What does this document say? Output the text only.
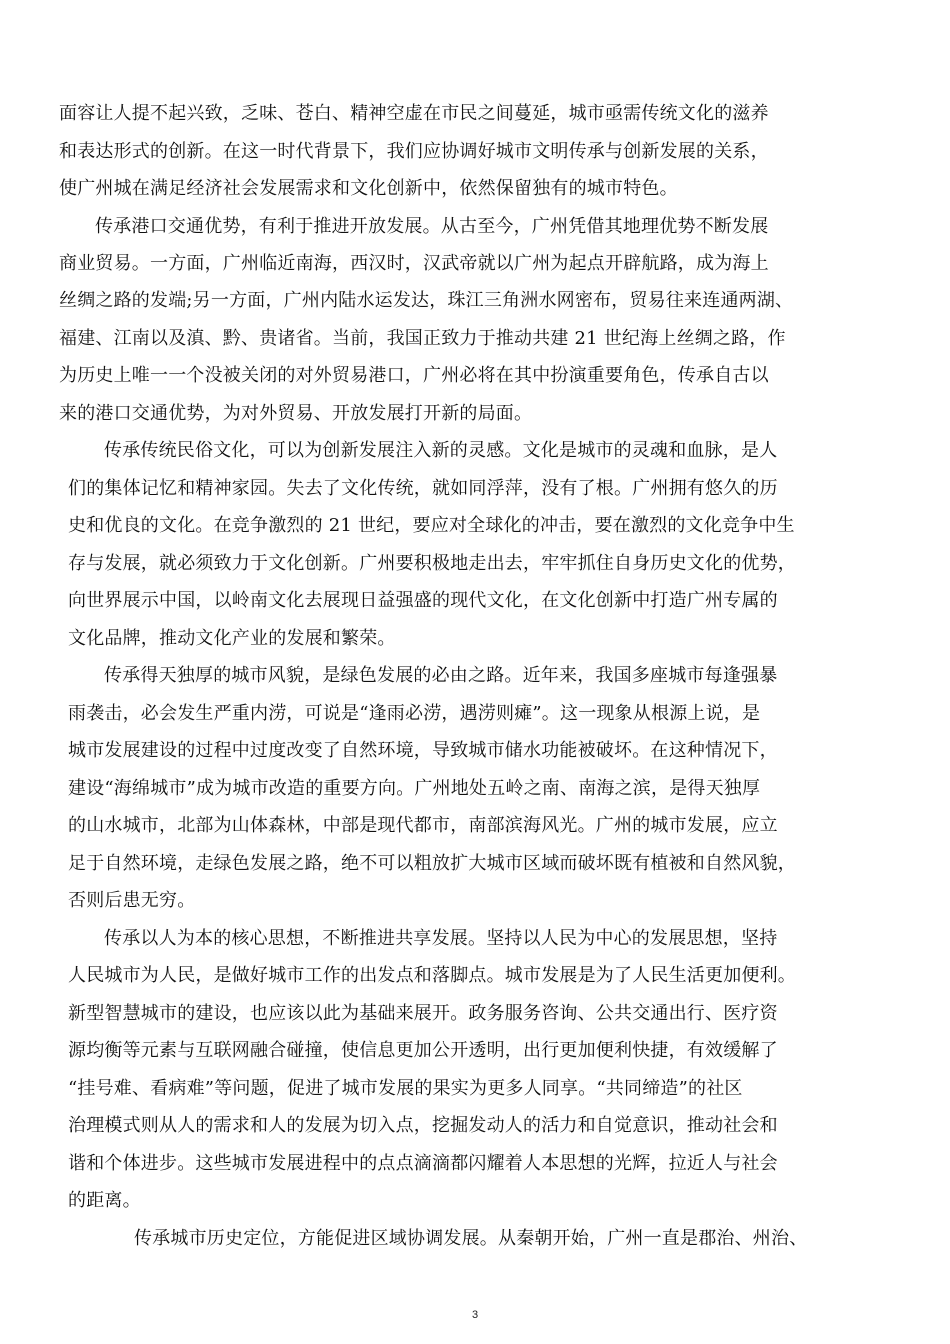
面容让人提不起兴致，乏味、苍白、精神空虚在市民之间蔓延，城市亟需传统文化的滋养
和表达形式的创新。在这一时代背景下，我们应协调好城市文明传承与创新发展的关系，
使广州城在满足经济社会发展需求和文化创新中，依然保留独有的城市特色。
传承港口交通优势，有利于推进开放发展。从古至今，广州凭借其地理优势不断发展
商业贸易。一方面，广州临近南海，西汉时，汉武帝就以广州为起点开辟航路，成为海上
丝绸之路的发端;另一方面，广州内陆水运发达，珠江三角洲水网密布，贸易往来连通两湖、
福建、江南以及滇、黔、贵诸省。当前，我国正致力于推动共建 21 世纪海上丝绸之路，作
为历史上唯一一个没被关闭的对外贸易港口，广州必将在其中扮演重要角色，传承自古以
来的港口交通优势，为对外贸易、开放发展打开新的局面。
传承传统民俗文化，可以为创新发展注入新的灵感。文化是城市的灵魂和血脉，是人
们的集体记忆和精神家园。失去了文化传统，就如同浮萍，没有了根。广州拥有悠久的历
史和优良的文化。在竞争激烈的 21 世纪，要应对全球化的冲击，要在激烈的文化竞争中生
存与发展，就必须致力于文化创新。广州要积极地走出去，牢牢抓住自身历史文化的优势，
向世界展示中国，以岭南文化去展现日益强盛的现代文化，在文化创新中打造广州专属的
文化品牌，推动文化产业的发展和繁荣。
传承得天独厚的城市风貌，是绿色发展的必由之路。近年来，我国多座城市每逢强暴
雨袭击，必会发生严重内涝，可说是“逢雨必涝，遇涝则瘫”。这一现象从根源上说，是
城市发展建设的过程中过度改变了自然环境，导致城市储水功能被破坏。在这种情况下，
建设“海绵城市”成为城市改造的重要方向。广州地处五岭之南、南海之滨，是得天独厚
的山水城市，北部为山体森林，中部是现代都市，南部滨海风光。广州的城市发展，应立
足于自然环境，走绿色发展之路，绝不可以粗放扩大城市区域而破坏既有植被和自然风貌，
否则后患无穷。
传承以人为本的核心思想，不断推进共享发展。坚持以人民为中心的发展思想，坚持
人民城市为人民，是做好城市工作的出发点和落脚点。城市发展是为了人民生活更加便利。
新型智慧城市的建设，也应该以此为基础来展开。政务服务咨询、公共交通出行、医疗资
源均衡等元素与互联网融合碰撞，使信息更加公开透明，出行更加便利快捷，有效缓解了
“挂号难、看病难”等问题，促进了城市发展的果实为更多人同享。“共同缔造”的社区
治理模式则从人的需求和人的发展为切入点，挖掘发动人的活力和自觉意识，推动社会和
谐和个体进步。这些城市发展进程中的点点滴滴都闪耀着人本思想的光辉，拉近人与社会
的距离。
传承城市历史定位，方能促进区域协调发展。从秦朝开始，广州一直是郡治、州治、
3
